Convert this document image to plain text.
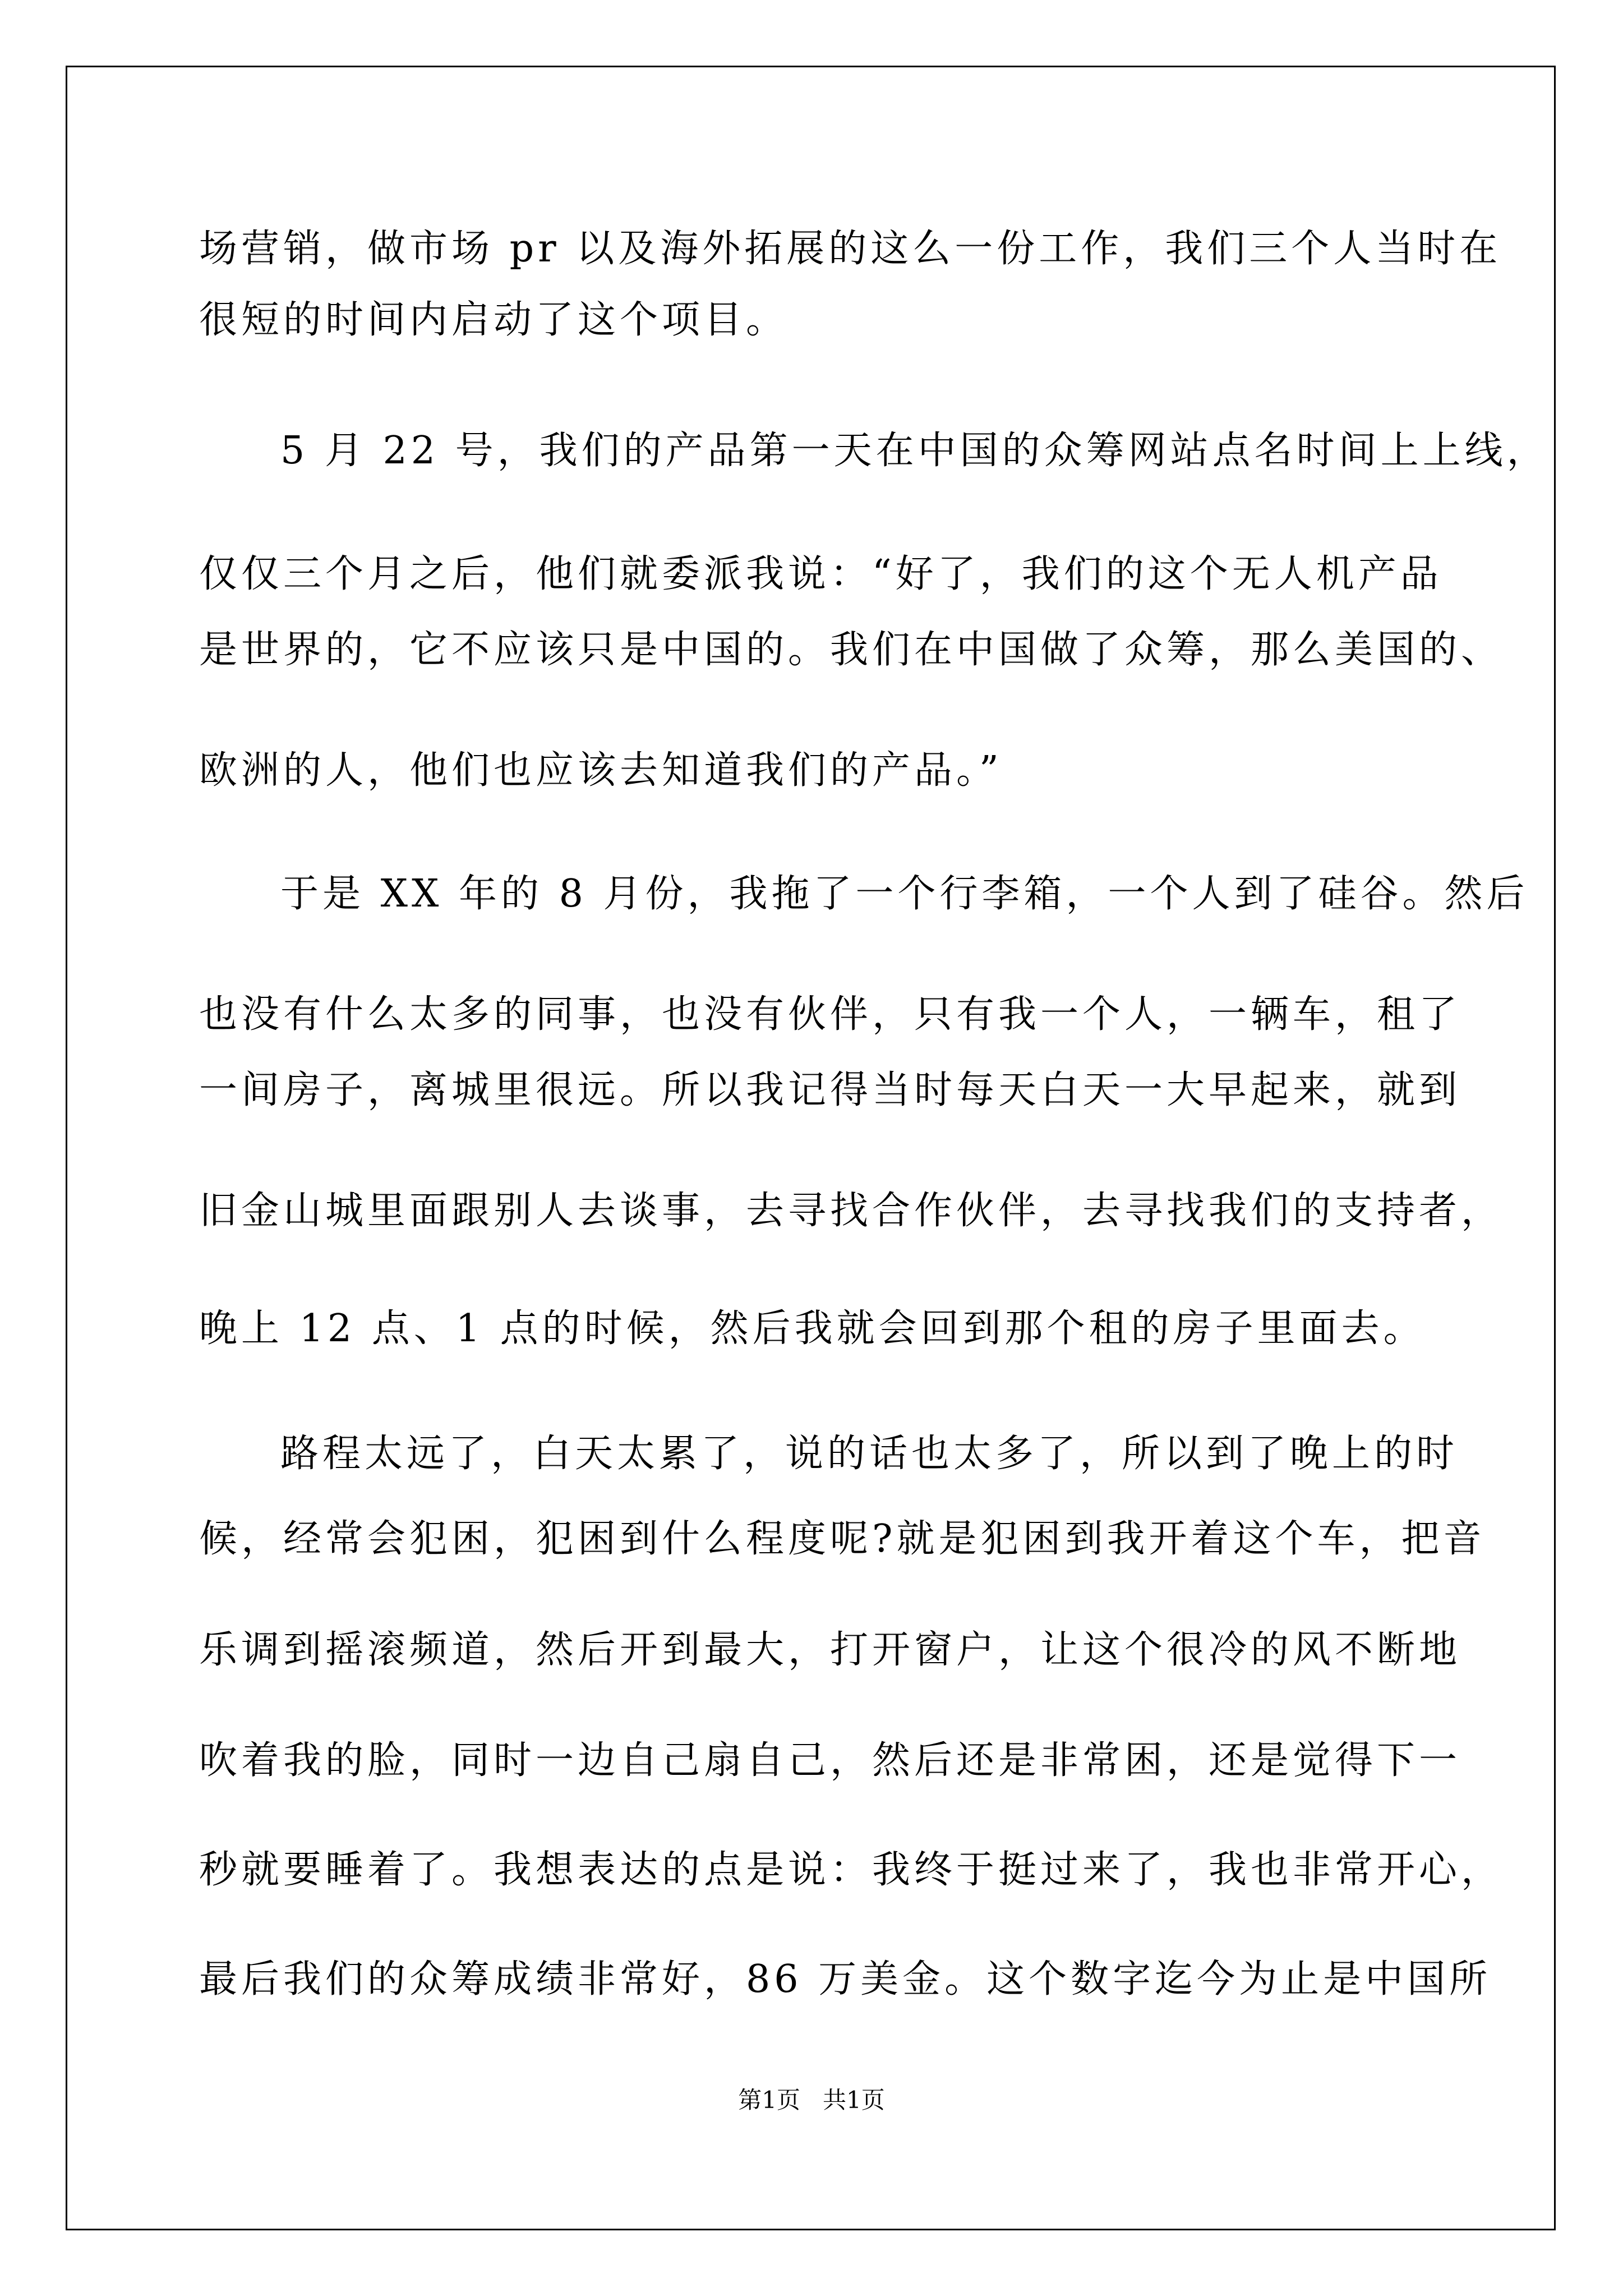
场营销，做市场 pr 以及海外拓展的这么一份工作，我们三个人当时在
很短的时间内启动了这个项目。
5 月 22 号，我们的产品第一天在中国的众筹网站点名时间上上线，
仅仅三个月之后，他们就委派我说：“好了，我们的这个无人机产品
是世界的，它不应该只是中国的。我们在中国做了众筹，那么美国的、
欧洲的人，他们也应该去知道我们的产品。”
于是 XX 年的 8 月份，我拖了一个行李箱，一个人到了硅谷。然后
也没有什么太多的同事，也没有伙伴，只有我一个人，一辆车，租了
一间房子，离城里很远。所以我记得当时每天白天一大早起来，就到
旧金山城里面跟别人去谈事，去寻找合作伙伴，去寻找我们的支持者，
晚上 12 点、1 点的时候，然后我就会回到那个租的房子里面去。
路程太远了，白天太累了，说的话也太多了，所以到了晚上的时
候，经常会犯困，犯困到什么程度呢?就是犯困到我开着这个车，把音
乐调到摇滚频道，然后开到最大，打开窗户，让这个很冷的风不断地
吹着我的脸，同时一边自己扇自己，然后还是非常困，还是觉得下一
秒就要睡着了。我想表达的点是说：我终于挺过来了，我也非常开心，
最后我们的众筹成绩非常好，86 万美金。这个数字迄今为止是中国所
第1页   共1页
